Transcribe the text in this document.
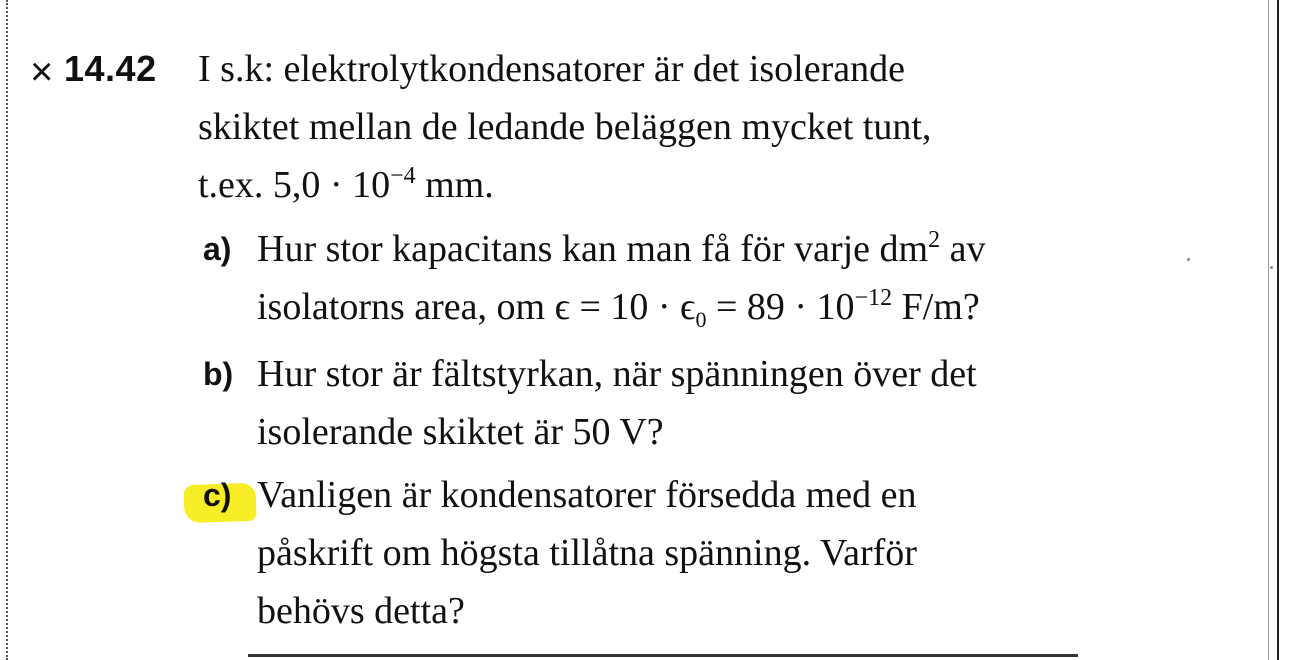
× 14.42 I s.k: elektrolytkondensatorer är det isolerande
skiktet mellan de ledande beläggen mycket tunt,
t.ex. $5,0 \cdot 10^{-4}$ mm.
a) Hur stor kapacitans kan man få för varje $dm^2$ av
isolatorns area, om $\epsilon = 10 \cdot \epsilon_0 = 89 \cdot 10^{-12}$ F/m?
b) Hur stor är fältstyrkan, när spänningen över det
isolerande skiktet är 50 V?
c) Vanligen är kondensatorer försedda med en
påskrift om högsta tillåtna spänning. Varför
behövs detta?
